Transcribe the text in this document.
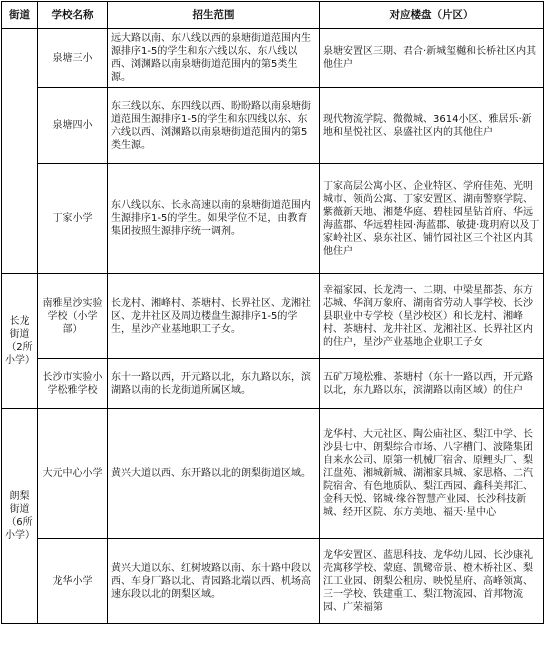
街道	学校名称	招生范围	对应楼盘（片区）
	泉塘三小	远大路以南、东八线以西的泉塘街道范围内生源排序1-5的学生和东六线以东、东八线以西、浏渊路以南泉塘街道范围内的第5类生源。	泉塘安置区三期、君合·新城玺樾和长桥社区内其他住户
	泉塘四小	东三线以东、东四线以西、盼盼路以南泉塘街道范围生源排序1-5的学生和东四线以东、东六线以西、浏渊路以南泉塘街道范围内的第5类生源。	现代物流学院、微微城、3614小区、雅居乐·新地和星悦社区、泉盛社区内的其他住户
	丁家小学	东八线以东、长永高速以南的泉塘街道范围内生源排序1-5的学生。如果学位不足，由教育集团按照生源排序统一调剂。	丁家高层公寓小区、企业特区、学府佳苑、光明城市、领尚公寓、丁家安置区、湖南警察学院、紫薇新天地、湘楚华庭、碧桂园星钻首府、华远海蓝郡、华远碧桂园·海蓝郡、敏捷·珑玥府以及丁家岭社区、泉东社区、铺竹园社区三个社区内其他住户
长龙街道（2所小学）	南雅星沙实验学校（小学部）	长龙村、湘峰村、茶塘村、长界社区、龙湘社区、龙井社区及周边楼盘生源排序1-5的学生，星沙产业基地职工子女。	幸福家园、长龙湾一、二期、中梁星都荟、东方芯城、华润万象府、湖南省劳动人事学校、长沙县职业中专学校（星沙校区）和长龙村、湘峰村、茶塘村、龙井社区、龙湘社区、长界社区内的住户，星沙产业基地企业职工子女
	长沙市实验小学松雅学校	东十一路以西，开元路以北，东九路以东，滨湖路以南的长龙街道所属区域。	五矿万境松雅、茶塘村（东十一路以西，开元路以北，东九路以东，滨湖路以南区域）的住户
朗梨街道（6所小学）	大元中心小学	黄兴大道以西、东开路以北的朗梨街道区域。	龙华村、大元社区、陶公庙社区、梨江中学、长沙县七中、朗梨综合市场、八字槽门、波隆集团自来水公司、原第一机械厂宿舍、原鲤头厂、梨江盘苑、湘城新城、湖湘家具城、家思格、二汽院宿舍、有色地质队、梨江西园、鑫科美邦汇、金科天悦、铭城·缘谷智慧产业园、长沙科技新城、经开区院、东方美地、福天·星中心
	龙华小学	黄兴大道以东、红树坡路以南、东十路中段以西、车身厂路以北、青园路北端以西、机场高速东段以北的朗梨区域。	龙华安置区、蓝思科技、龙华幼儿园、长沙康礼壳寓移学校、蒙庭、凯鹭帝景、橙木桥社区、梨江工业园、朗梨公租房、映悦星府、高峰领寓、三一学校、铁建重工、梨江物流园、首邦物流园、广荣福第
